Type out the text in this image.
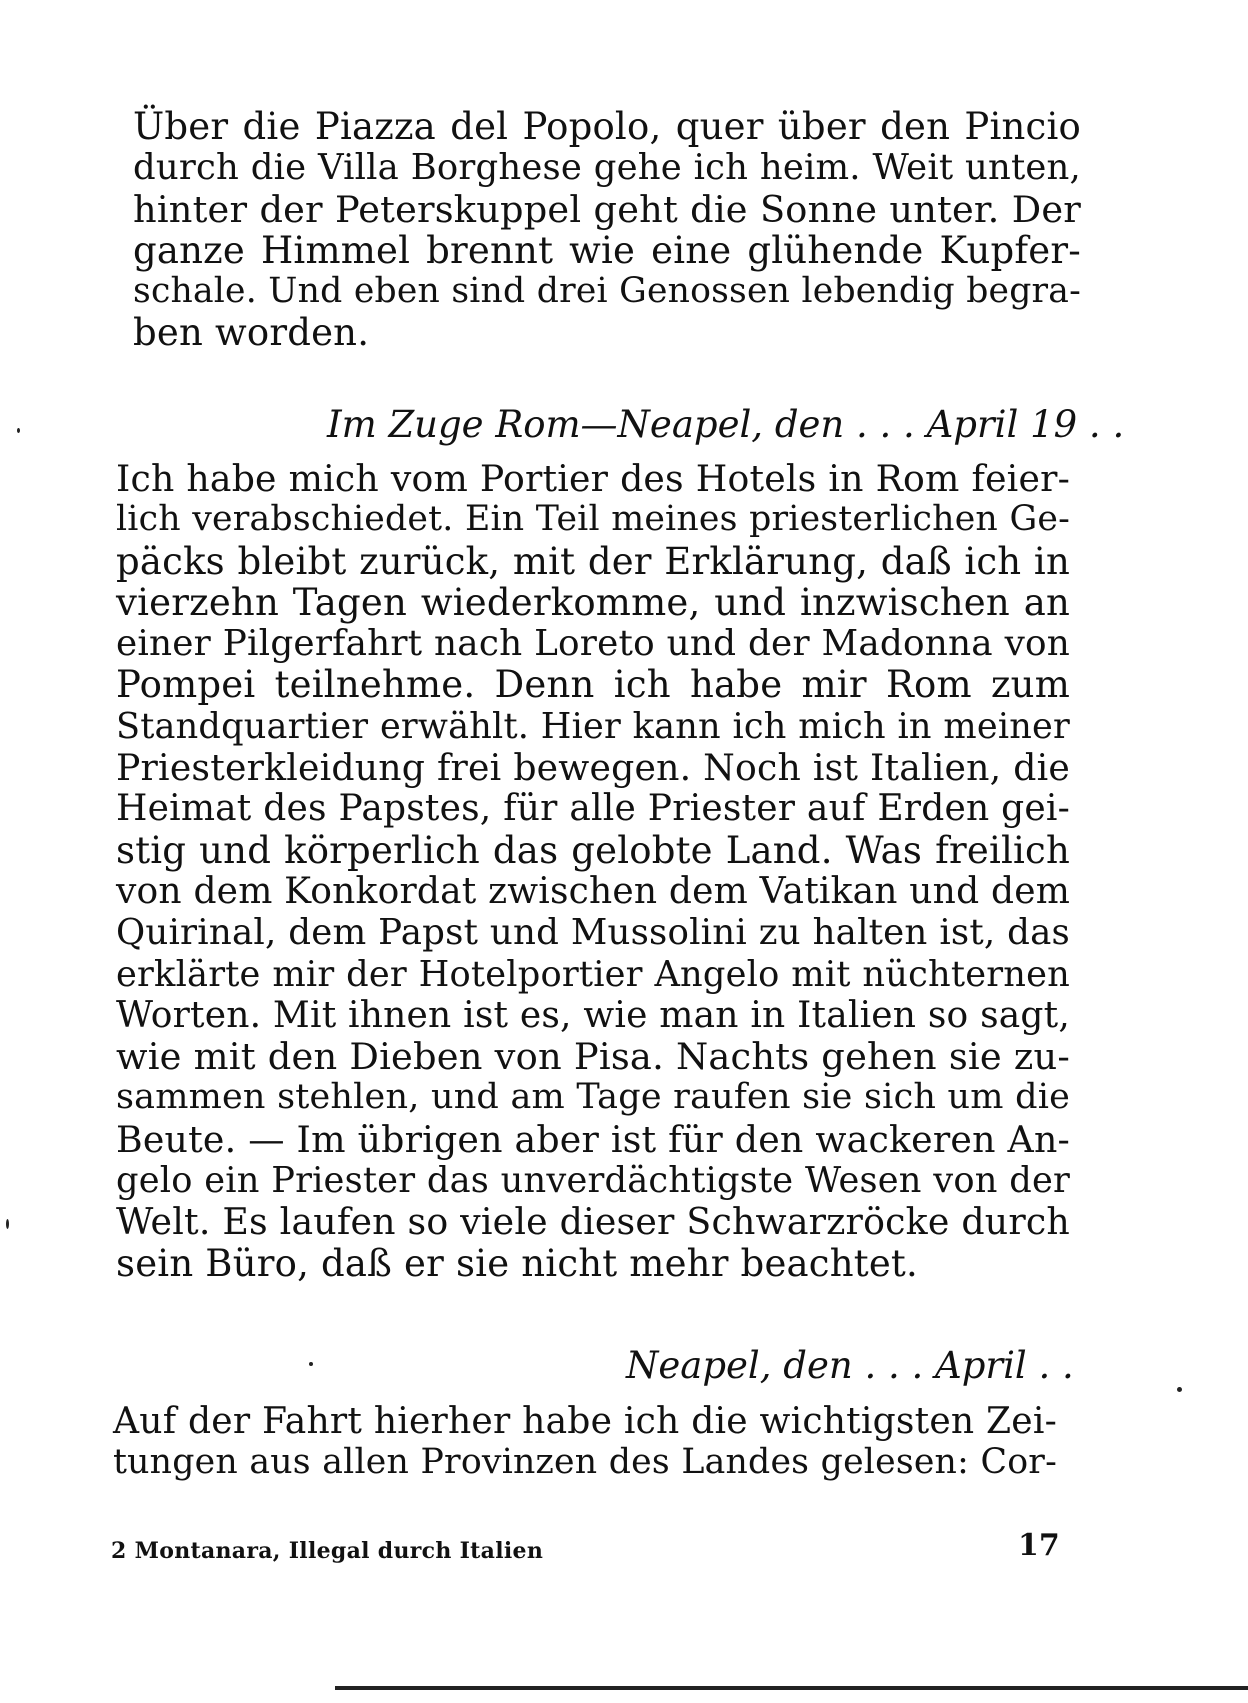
Über die Piazza del Popolo, quer über den Pincio
durch die Villa Borghese gehe ich heim. Weit unten,
hinter der Peterskuppel geht die Sonne unter. Der
ganze Himmel brennt wie eine glühende Kupfer-
schale. Und eben sind drei Genossen lebendig begra-
ben worden.
Im Zuge Rom—Neapel, den . . . April 19 . .
Ich habe mich vom Portier des Hotels in Rom feier-
lich verabschiedet. Ein Teil meines priesterlichen Ge-
päcks bleibt zurück, mit der Erklärung, daß ich in
vierzehn Tagen wiederkomme, und inzwischen an
einer Pilgerfahrt nach Loreto und der Madonna von
Pompei teilnehme. Denn ich habe mir Rom zum
Standquartier erwählt. Hier kann ich mich in meiner
Priesterkleidung frei bewegen. Noch ist Italien, die
Heimat des Papstes, für alle Priester auf Erden gei-
stig und körperlich das gelobte Land. Was freilich
von dem Konkordat zwischen dem Vatikan und dem
Quirinal, dem Papst und Mussolini zu halten ist, das
erklärte mir der Hotelportier Angelo mit nüchternen
Worten. Mit ihnen ist es, wie man in Italien so sagt,
wie mit den Dieben von Pisa. Nachts gehen sie zu-
sammen stehlen, und am Tage raufen sie sich um die
Beute. — Im übrigen aber ist für den wackeren An-
gelo ein Priester das unverdächtigste Wesen von der
Welt. Es laufen so viele dieser Schwarzröcke durch
sein Büro, daß er sie nicht mehr beachtet.
Neapel, den . . . April . .
Auf der Fahrt hierher habe ich die wichtigsten Zei-
tungen aus allen Provinzen des Landes gelesen: Cor-
2 Montanara, Illegal durch Italien	17
